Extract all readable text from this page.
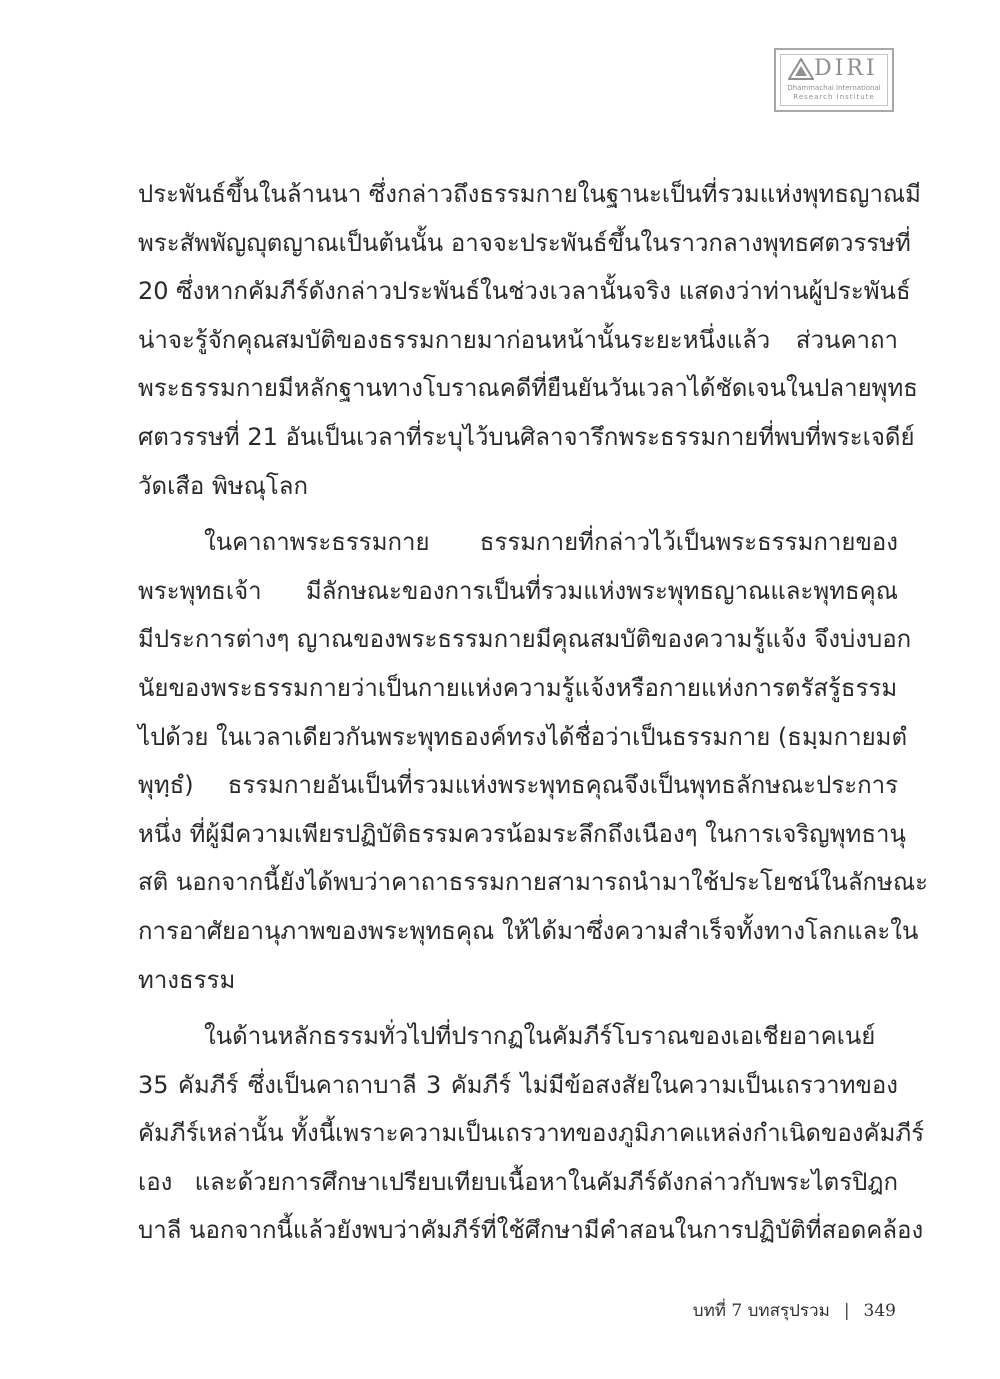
DIRI
Dhammachai International
Research Institute
ประพันธ์ขึ้นในล้านนา ซึ่งกล่าวถึงธรรมกายในฐานะเป็นที่รวมแห่งพุทธญาณมี
พระสัพพัญญุตญาณเป็นต้นนั้น อาจจะประพันธ์ขึ้นในราวกลางพุทธศตวรรษที่
20 ซึ่งหากคัมภีร์ดังกล่าวประพันธ์ในช่วงเวลานั้นจริง แสดงว่าท่านผู้ประพันธ์
น่าจะรู้จักคุณสมบัติของธรรมกายมาก่อนหน้านั้นระยะหนึ่งแล้ว ส่วนคาถา
พระธรรมกายมีหลักฐานทางโบราณคดีที่ยืนยันวันเวลาได้ชัดเจนในปลายพุทธ
ศตวรรษที่ 21 อันเป็นเวลาที่ระบุไว้บนศิลาจารึกพระธรรมกายที่พบที่พระเจดีย์
วัดเสือ พิษณุโลก
ในคาถาพระธรรมกาย ธรรมกายที่กล่าวไว้เป็นพระธรรมกายของ
พระพุทธเจ้า มีลักษณะของการเป็นที่รวมแห่งพระพุทธญาณและพุทธคุณ
มีประการต่างๆ ญาณของพระธรรมกายมีคุณสมบัติของความรู้แจ้ง จึงบ่งบอก
นัยของพระธรรมกายว่าเป็นกายแห่งความรู้แจ้งหรือกายแห่งการตรัสรู้ธรรม
ไปด้วย ในเวลาเดียวกันพระพุทธองค์ทรงได้ชื่อว่าเป็นธรรมกาย (ธมฺมกายมตํ
พุทฺธํ) ธรรมกายอันเป็นที่รวมแห่งพระพุทธคุณจึงเป็นพุทธลักษณะประการ
หนึ่ง ที่ผู้มีความเพียรปฏิบัติธรรมควรน้อมระลึกถึงเนืองๆ ในการเจริญพุทธานุ
สติ นอกจากนี้ยังได้พบว่าคาถาธรรมกายสามารถนำมาใช้ประโยชน์ในลักษณะ
การอาศัยอานุภาพของพระพุทธคุณ ให้ได้มาซึ่งความสำเร็จทั้งทางโลกและใน
ทางธรรม
ในด้านหลักธรรมทั่วไปที่ปรากฏในคัมภีร์โบราณของเอเชียอาคเนย์
35 คัมภีร์ ซึ่งเป็นคาถาบาลี 3 คัมภีร์ ไม่มีข้อสงสัยในความเป็นเถรวาทของ
คัมภีร์เหล่านั้น ทั้งนี้เพราะความเป็นเถรวาทของภูมิภาคแหล่งกำเนิดของคัมภีร์
เอง และด้วยการศึกษาเปรียบเทียบเนื้อหาในคัมภีร์ดังกล่าวกับพระไตรปิฎก
บาลี นอกจากนี้แล้วยังพบว่าคัมภีร์ที่ใช้ศึกษามีคำสอนในการปฏิบัติที่สอดคล้อง
บทที่ 7 บทสรุปรวม | 349
